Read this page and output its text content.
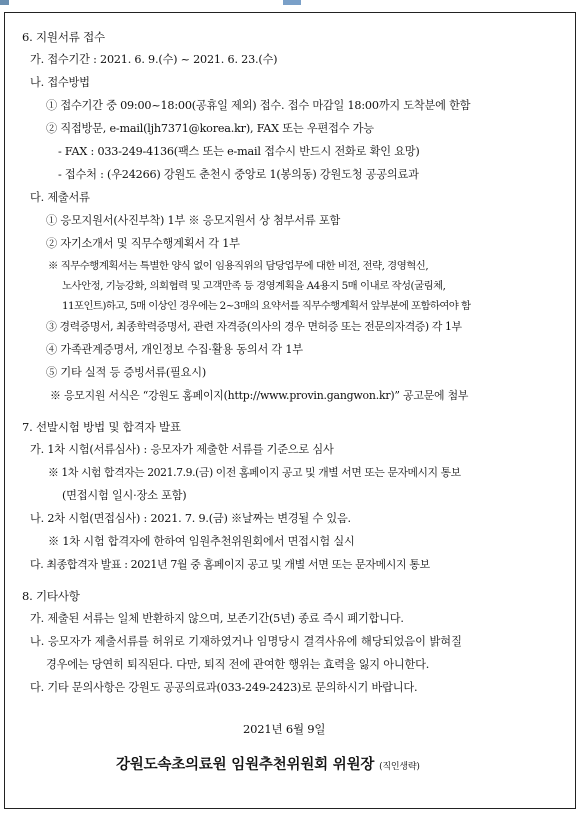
6. 지원서류 접수
가. 접수기간 : 2021. 6. 9.(수) ~ 2021. 6. 23.(수)
나. 접수방법
① 접수기간 중 09:00~18:00(공휴일 제외) 접수. 접수 마감일 18:00까지 도착분에 한함
② 직접방문, e-mail(ljh7371@korea.kr), FAX 또는 우편접수 가능
- FAX : 033-249-4136(팩스 또는 e-mail 접수시 반드시 전화로 확인 요망)
- 접수처 : (우24266) 강원도 춘천시 중앙로 1(봉의동) 강원도청 공공의료과
다. 제출서류
① 응모지원서(사진부착) 1부 ※ 응모지원서 상 첨부서류 포함
② 자기소개서 및 직무수행계획서 각 1부
※ 직무수행계획서는 특별한 양식 없이 임용직위의 담당업무에 대한 비전, 전략, 경영혁신,
노사안정, 기능강화, 의회협력 및 고객만족 등 경영계획을 A4용지 5매 이내로 작성(굴림체,
11포인트)하고, 5매 이상인 경우에는 2~3매의 요약서를 직무수행계획서 앞부분에 포함하여야 함
③ 경력증명서, 최종학력증명서, 관련 자격증(의사의 경우 면허증 또는 전문의자격증) 각 1부
④ 가족관계증명서, 개인정보 수집·활용 동의서 각 1부
⑤ 기타 실적 등 증빙서류(필요시)
※ 응모지원 서식은 “강원도 홈페이지(http://www.provin.gangwon.kr)” 공고문에 첨부
7. 선발시험 방법 및 합격자 발표
가. 1차 시험(서류심사) : 응모자가 제출한 서류를 기준으로 심사
※ 1차 시험 합격자는 2021.7.9.(금) 이전 홈페이지 공고 및 개별 서면 또는 문자메시지 통보
(면접시험 일시·장소 포함)
나. 2차 시험(면접심사) : 2021. 7. 9.(금) ※날짜는 변경될 수 있음.
※ 1차 시험 합격자에 한하여 임원추천위원회에서 면접시험 실시
다. 최종합격자 발표 : 2021년 7월 중 홈페이지 공고 및 개별 서면 또는 문자메시지 통보
8. 기타사항
가. 제출된 서류는 일체 반환하지 않으며, 보존기간(5년) 종료 즉시 폐기합니다.
나. 응모자가 제출서류를 허위로 기재하였거나 임명당시 결격사유에 해당되었음이 밝혀질
경우에는 당연히 퇴직된다. 다만, 퇴직 전에 관여한 행위는 효력을 잃지 아니한다.
다. 기타 문의사항은 강원도 공공의료과(033-249-2423)로 문의하시기 바랍니다.
2021년 6월 9일
강원도속초의료원 임원추천위원회 위원장 (직인생략)
